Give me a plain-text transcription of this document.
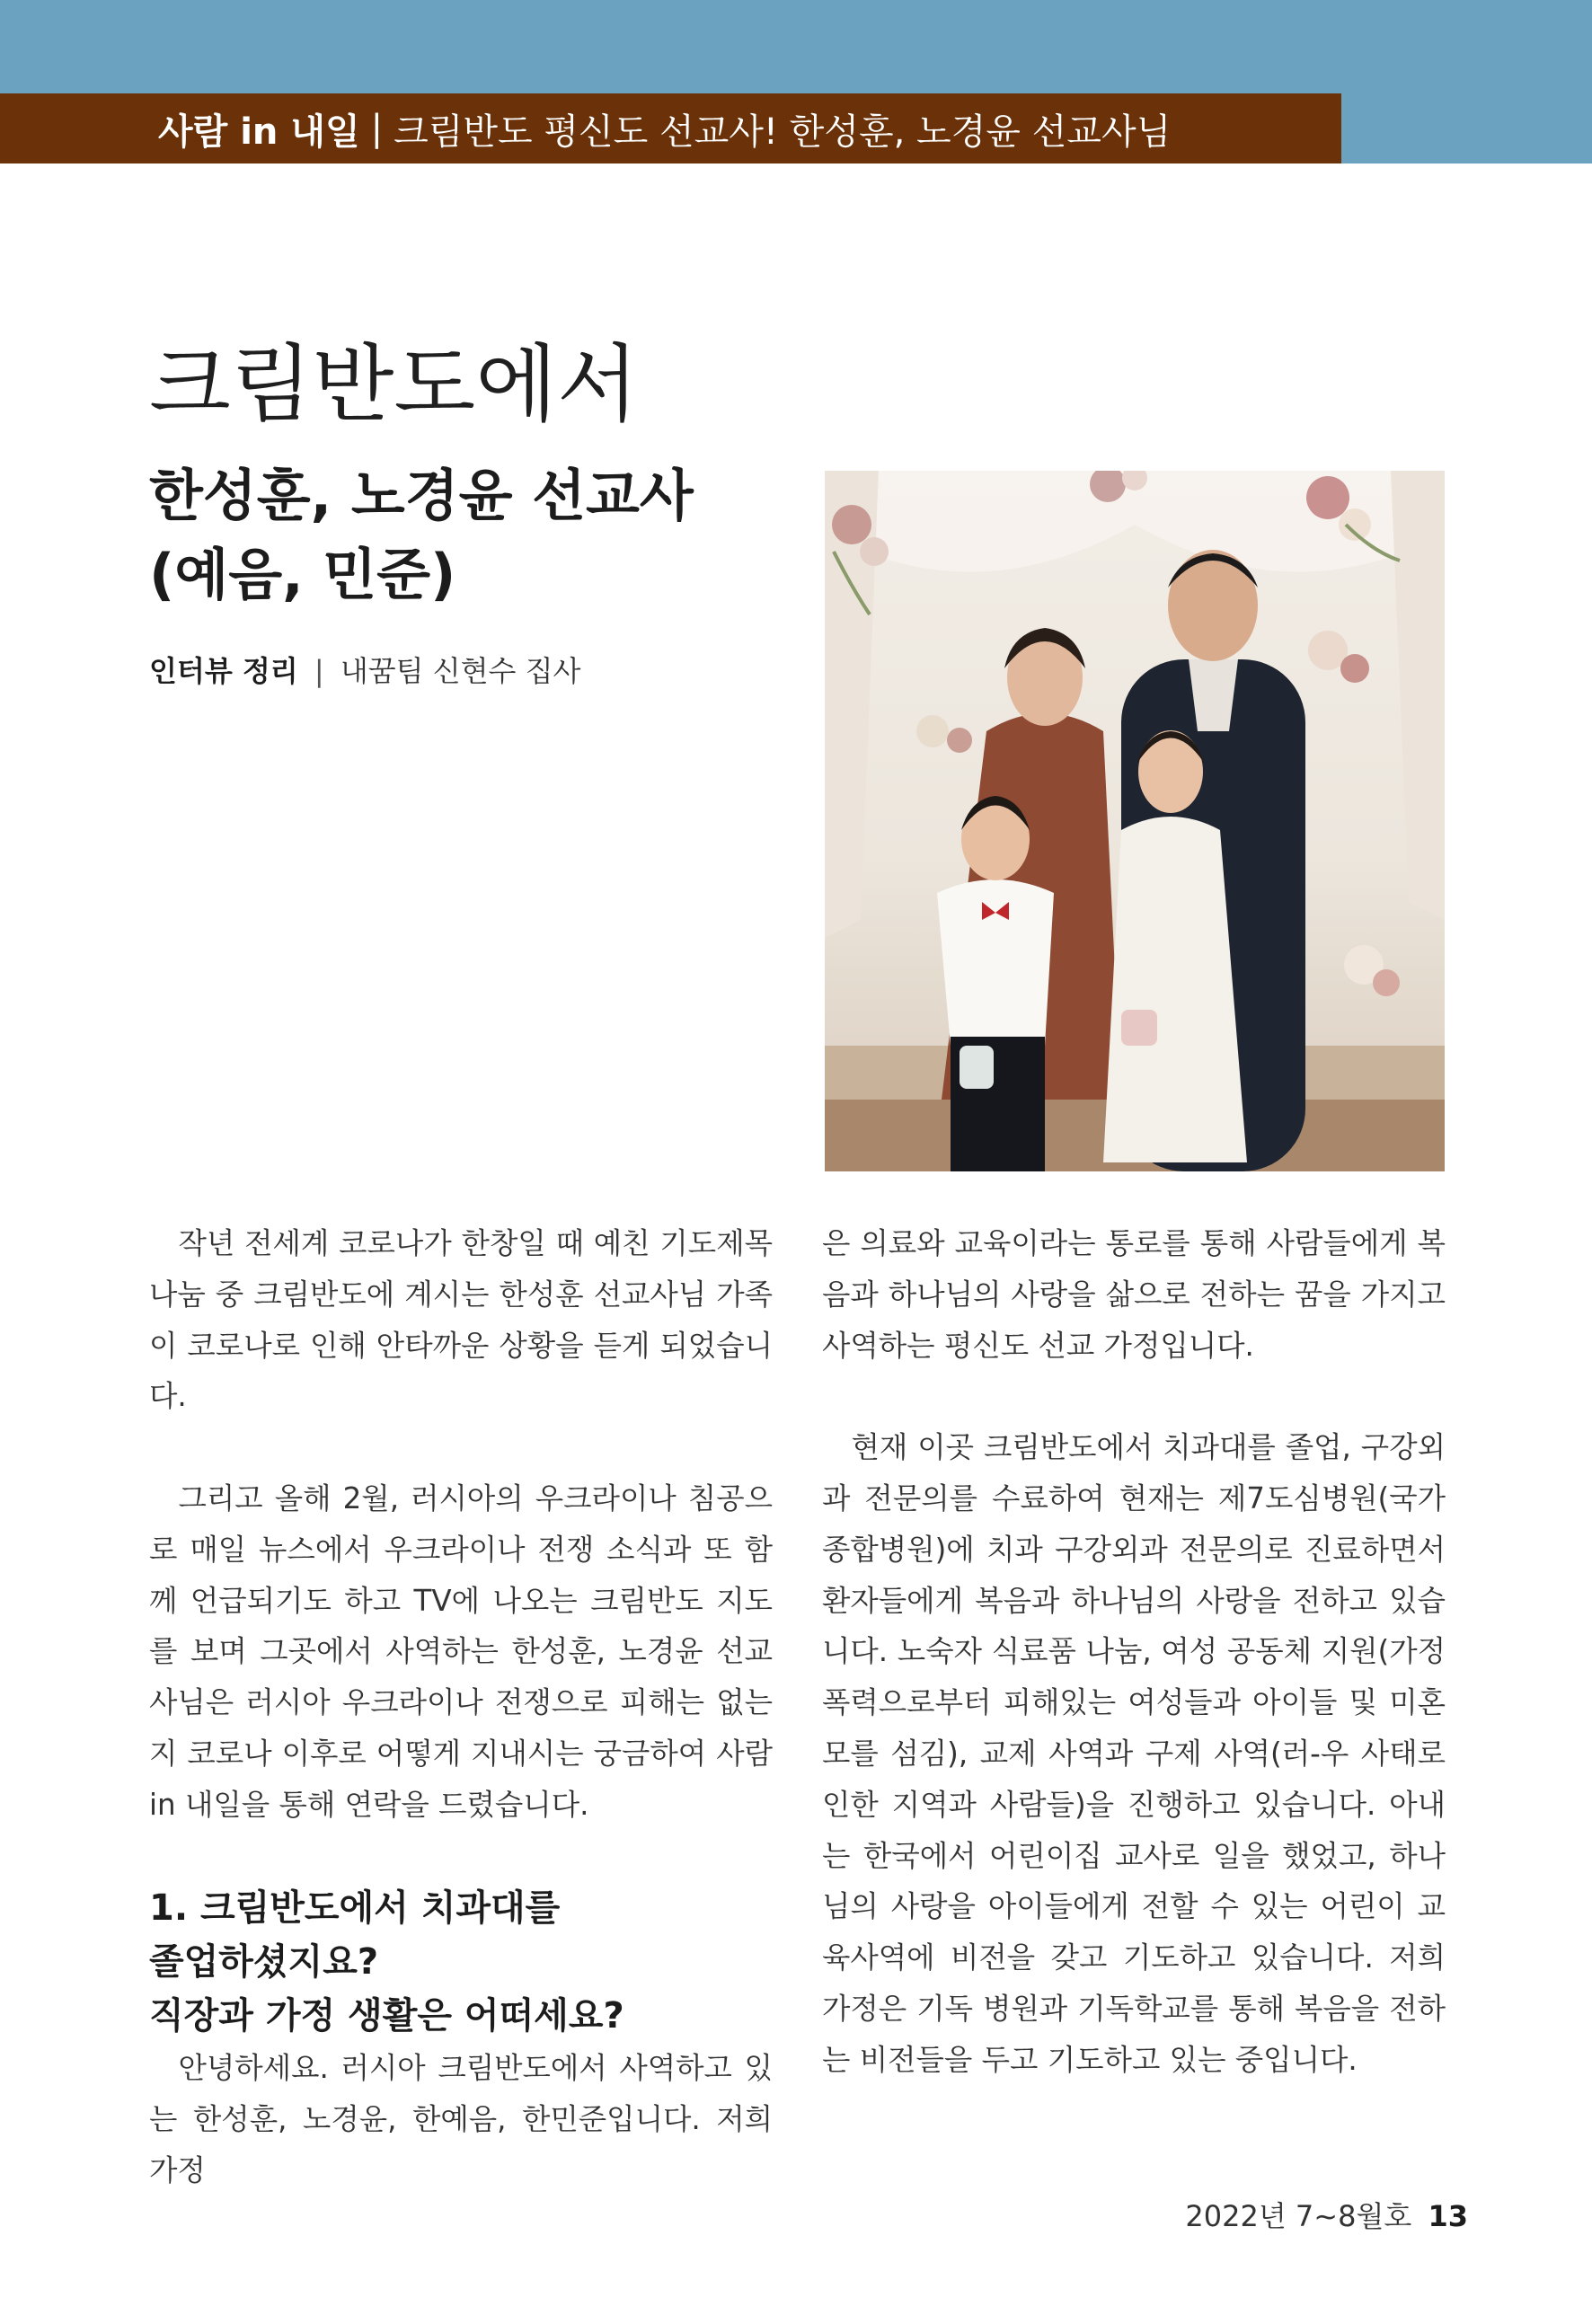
사람 in 내일 | 크림반도 평신도 선교사! 한성훈, 노경윤 선교사님
크림반도에서
한성훈, 노경윤 선교사
(예음, 민준)
인터뷰 정리 | 내꿈팀 신현수 집사

작년 전세계 코로나가 한창일 때 예친 기도제목 나눔 중 크림반도에 계시는 한성훈 선교사님 가족이 코로나로 인해 안타까운 상황을 듣게 되었습니다.

그리고 올해 2월, 러시아의 우크라이나 침공으로 매일 뉴스에서 우크라이나 전쟁 소식과 또 함께 언급되기도 하고 TV에 나오는 크림반도 지도를 보며 그곳에서 사역하는 한성훈, 노경윤 선교사님은 러시아 우크라이나 전쟁으로 피해는 없는지 코로나 이후로 어떻게 지내시는 궁금하여 사람 in 내일을 통해 연락을 드렸습니다.

1. 크림반도에서 치과대를 졸업하셨지요?
직장과 가정 생활은 어떠세요?

안녕하세요. 러시아 크림반도에서 사역하고 있는 한성훈, 노경윤, 한예음, 한민준입니다. 저희 가정

은 의료와 교육이라는 통로를 통해 사람들에게 복음과 하나님의 사랑을 삶으로 전하는 꿈을 가지고 사역하는 평신도 선교 가정입니다.

현재 이곳 크림반도에서 치과대를 졸업, 구강외과 전문의를 수료하여 현재는 제7도심병원(국가종합병원)에 치과 구강외과 전문의로 진료하면서 환자들에게 복음과 하나님의 사랑을 전하고 있습니다. 노숙자 식료품 나눔, 여성 공동체 지원(가정폭력으로부터 피해있는 여성들과 아이들 및 미혼모를 섬김), 교제 사역과 구제 사역(러-우 사태로 인한 지역과 사람들)을 진행하고 있습니다. 아내는 한국에서 어린이집 교사로 일을 했었고, 하나님의 사랑을 아이들에게 전할 수 있는 어린이 교육사역에 비전을 갖고 기도하고 있습니다. 저희 가정은 기독 병원과 기독학교를 통해 복음을 전하는 비전들을 두고 기도하고 있는 중입니다.

2022년 7~8월호 13
